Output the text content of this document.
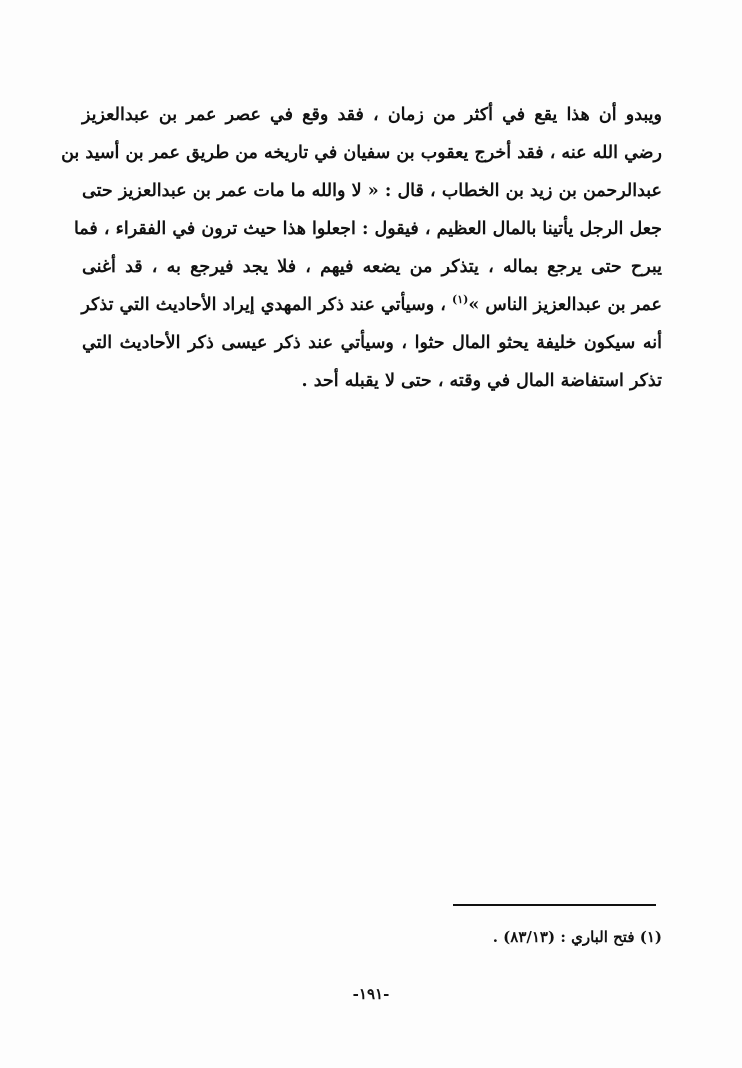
ويبدو أن هذا يقع في أكثر من زمان ، فقد وقع في عصر عمر بن عبدالعزيز
رضي الله عنه ، فقد أخرج يعقوب بن سفيان في تاريخه من طريق عمر بن أسيد بن
عبدالرحمن بن زيد بن الخطاب ، قال : « لا والله ما مات عمر بن عبدالعزيز حتى
جعل الرجل يأتينا بالمال العظيم ، فيقول : اجعلوا هذا حيث ترون في الفقراء ، فما
يبرح حتى يرجع بماله ، يتذكر من يضعه فيهم ، فلا يجد فيرجع به ، قد أغنى
عمر بن عبدالعزيز الناس »$^{(١)}$ ، وسيأتي عند ذكر المهدي إيراد الأحاديث التي تذكر
أنه سيكون خليفة يحثو المال حثوا ، وسيأتي عند ذكر عيسى ذكر الأحاديث التي
تذكر استفاضة المال في وقته ، حتى لا يقبله أحد .
(١) فتح الباري : (٨٣/١٣) .
-١٩١-
